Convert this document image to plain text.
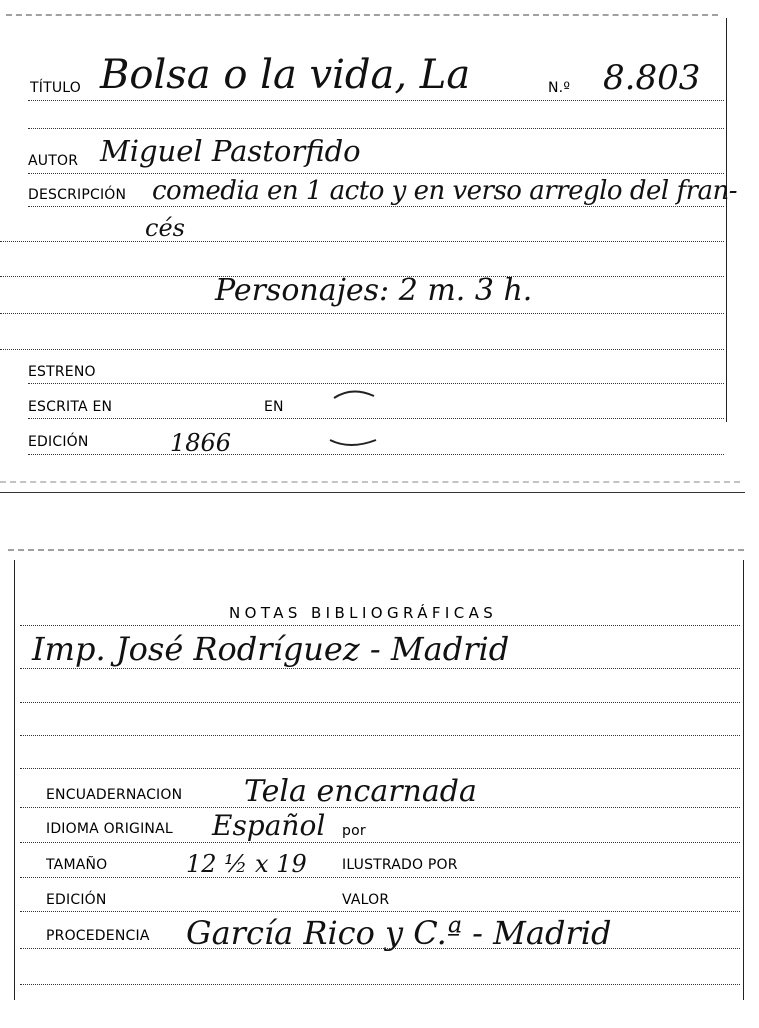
TÍTULO Bolsa o la vida, La	N.º 8.803
AUTOR Miguel Pastorfido
DESCRIPCIÓN comedia en 1 acto y en verso arreglo del fran-
cés
Personajes: 2 m. 3 h.
ESTRENO
ESCRITA EN	EN
EDICIÓN	1866
NOTAS BIBLIOGRÁFICAS
Imp. José Rodríguez - Madrid
ENCUADERNACION Tela encarnada
IDIOMA ORIGINAL Español por
TAMAÑO	12 ½ x 19	ILUSTRADO POR
EDICIÓN	VALOR
PROCEDENCIA García Rico y C.ª - Madrid
